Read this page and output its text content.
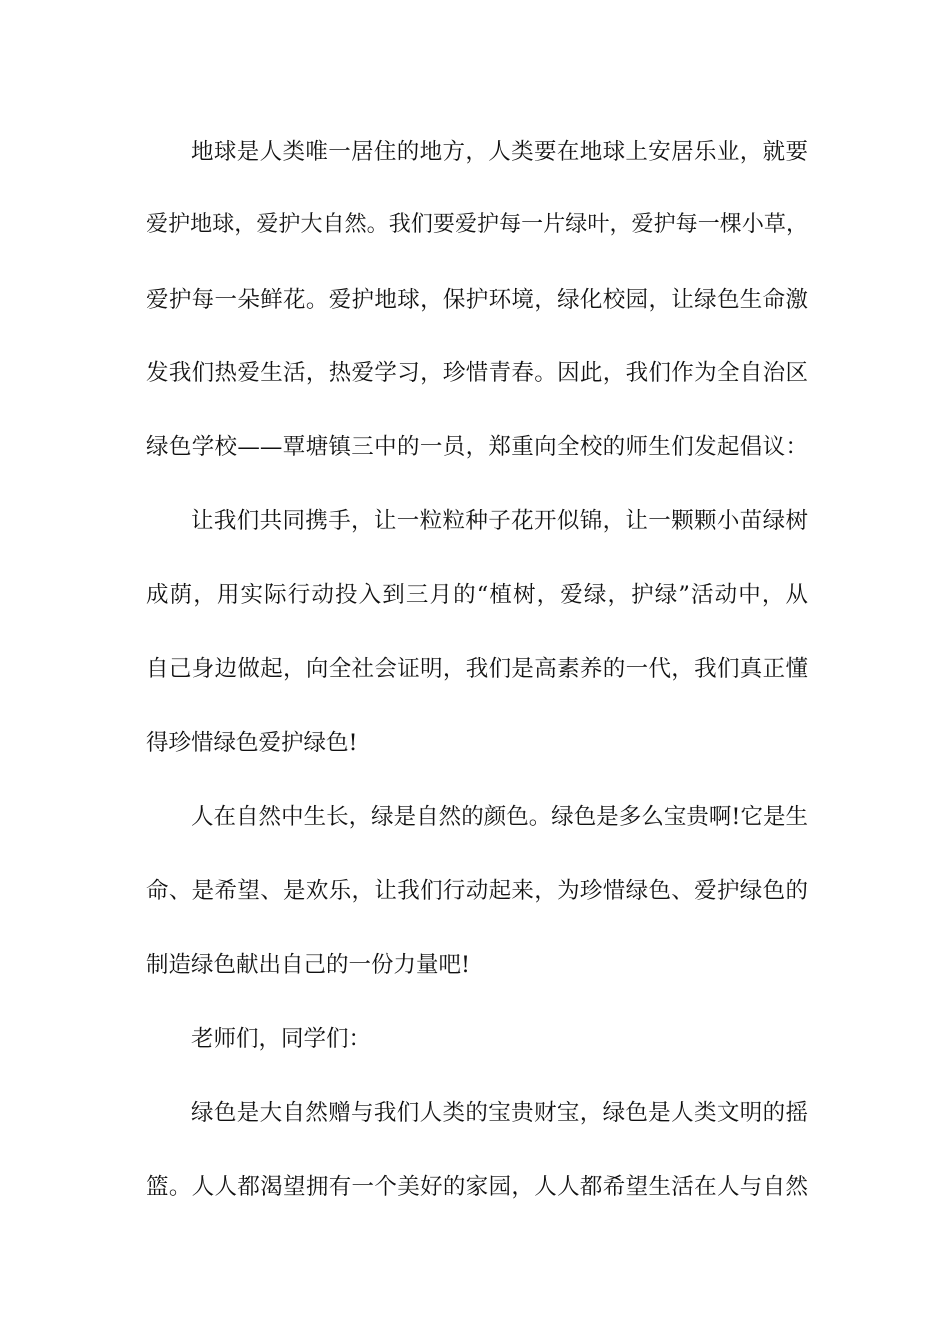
地球是人类唯一居住的地方，人类要在地球上安居乐业，就要

爱护地球，爱护大自然。我们要爱护每一片绿叶，爱护每一棵小草，

爱护每一朵鲜花。爱护地球，保护环境，绿化校园，让绿色生命激

发我们热爱生活，热爱学习，珍惜青春。因此，我们作为全自治区

绿色学校——覃塘镇三中的一员，郑重向全校的师生们发起倡议：

让我们共同携手，让一粒粒种子花开似锦，让一颗颗小苗绿树

成荫，用实际行动投入到三月的“植树，爱绿，护绿”活动中，从

自己身边做起，向全社会证明，我们是高素养的一代，我们真正懂

得珍惜绿色爱护绿色!

人在自然中生长，绿是自然的颜色。绿色是多么宝贵啊!它是生

命、是希望、是欢乐，让我们行动起来，为珍惜绿色、爱护绿色的

制造绿色献出自己的一份力量吧!

老师们，同学们：

绿色是大自然赠与我们人类的宝贵财宝，绿色是人类文明的摇

篮。人人都渴望拥有一个美好的家园，人人都希望生活在人与自然
